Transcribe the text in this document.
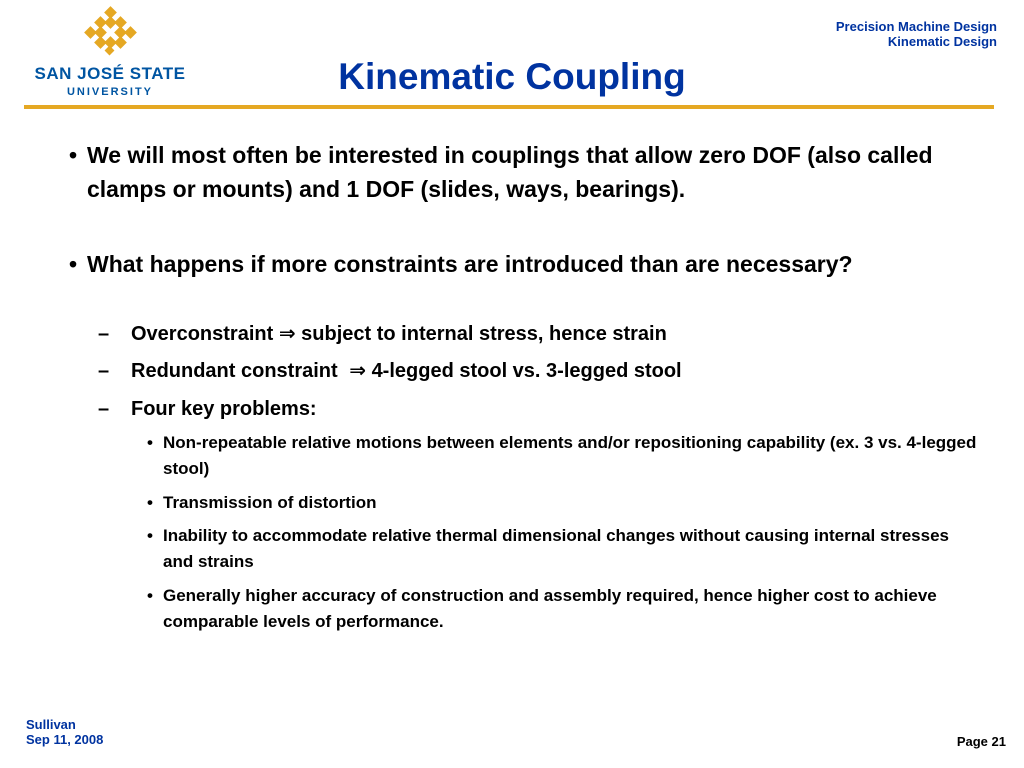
SAN JOSÉ STATE
UNIVERSITY
Precision Machine Design
Kinematic Design
Kinematic Coupling
• We will most often be interested in couplings that allow zero DOF (also called clamps or mounts) and 1 DOF (slides, ways, bearings).
• What happens if more constraints are introduced than are necessary?
– Overconstraint ⇒ subject to internal stress, hence strain
– Redundant constraint ⇒ 4-legged stool vs. 3-legged stool
– Four key problems:
• Non-repeatable relative motions between elements and/or repositioning capability (ex. 3 vs. 4-legged stool)
• Transmission of distortion
• Inability to accommodate relative thermal dimensional changes without causing internal stresses and strains
• Generally higher accuracy of construction and assembly required, hence higher cost to achieve comparable levels of performance.
Sullivan
Sep 11, 2008	Page 21
